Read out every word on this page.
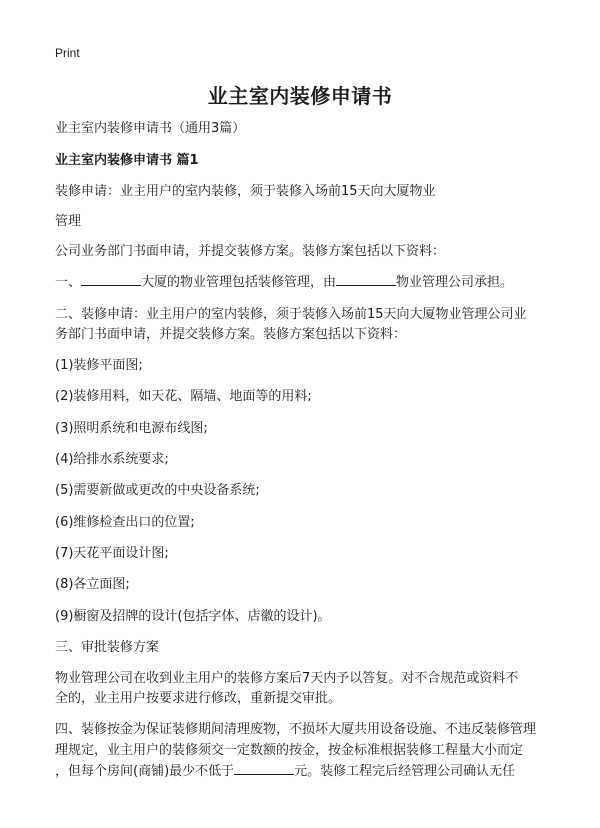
Print
业主室内装修申请书
业主室内装修申请书（通用3篇）
业主室内装修申请书 篇1
装修申请：业主用户的室内装修，须于装修入场前15天向大厦物业
管理
公司业务部门书面申请，并提交装修方案。装修方案包括以下资料：
一、	大厦的物业管理包括装修管理，由	物业管理公司承担。
二、装修申请：业主用户的室内装修，须于装修入场前15天向大厦物业管理公司业
务部门书面申请，并提交装修方案。装修方案包括以下资料：
(1)装修平面图;
(2)装修用料，如天花、隔墙、地面等的用料;
(3)照明系统和电源布线图;
(4)给排水系统要求;
(5)需要新做或更改的中央设备系统;
(6)维修检查出口的位置;
(7)天花平面设计图;
(8)各立面图;
(9)橱窗及招牌的设计(包括字体、店徽的设计)。
三、审批装修方案
物业管理公司在收到业主用户的装修方案后7天内予以答复。对不合规范或资料不
全的，业主用户按要求进行修改，重新提交审批。
四、装修按金为保证装修期间清理废物，不损坏大厦共用设备设施、不违反装修管理
理规定，业主用户的装修须交一定数额的按金，按金标准根据装修工程量大小而定
，但每个房间(商铺)最少不低于	元。装修工程完后经管理公司确认无任
